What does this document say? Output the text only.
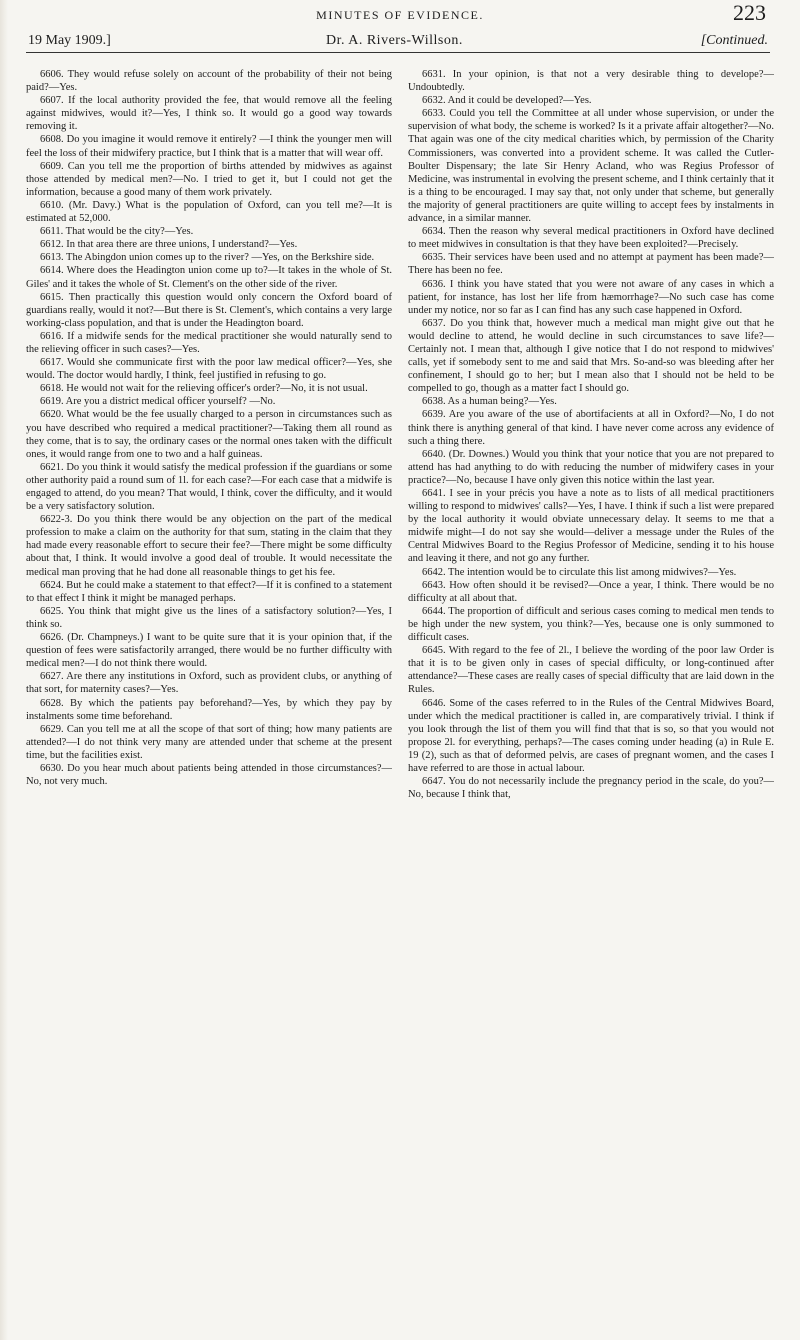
MINUTES OF EVIDENCE.	223
19 May 1909.]	Dr. A. Rivers-Willson.	[Continued.

6606. They would refuse solely on account of the probability of their not being paid?—Yes.

6607. If the local authority provided the fee, that would remove all the feeling against midwives, would it?—Yes, I think so. It would go a good way towards removing it.

6608. Do you imagine it would remove it entirely? —I think the younger men will feel the loss of their midwifery practice, but I think that is a matter that will wear off.

6609. Can you tell me the proportion of births attended by midwives as against those attended by medical men?—No. I tried to get it, but I could not get the information, because a good many of them work privately.

6610. (Mr. Davy.) What is the population of Oxford, can you tell me?—It is estimated at 52,000.

6611. That would be the city?—Yes.

6612. In that area there are three unions, I understand?—Yes.

6613. The Abingdon union comes up to the river? —Yes, on the Berkshire side.

6614. Where does the Headington union come up to?—It takes in the whole of St. Giles' and it takes the whole of St. Clement's on the other side of the river.

6615. Then practically this question would only concern the Oxford board of guardians really, would it not?—But there is St. Clement's, which contains a very large working-class population, and that is under the Headington board.

6616. If a midwife sends for the medical practitioner she would naturally send to the relieving officer in such cases?—Yes.

6617. Would she communicate first with the poor law medical officer?—Yes, she would. The doctor would hardly, I think, feel justified in refusing to go.

6618. He would not wait for the relieving officer's order?—No, it is not usual.

6619. Are you a district medical officer yourself? —No.

6620. What would be the fee usually charged to a person in circumstances such as you have described who required a medical practitioner?—Taking them all round as they come, that is to say, the ordinary cases or the normal ones taken with the difficult ones, it would range from one to two and a half guineas.

6621. Do you think it would satisfy the medical profession if the guardians or some other authority paid a round sum of 1l. for each case?—For each case that a midwife is engaged to attend, do you mean? That would, I think, cover the difficulty, and it would be a very satisfactory solution.

6622-3. Do you think there would be any objection on the part of the medical profession to make a claim on the authority for that sum, stating in the claim that they had made every reasonable effort to secure their fee?—There might be some difficulty about that, I think. It would involve a good deal of trouble. It would necessitate the medical man proving that he had done all reasonable things to get his fee.

6624. But he could make a statement to that effect?—If it is confined to a statement to that effect I think it might be managed perhaps.

6625. You think that might give us the lines of a satisfactory solution?—Yes, I think so.

6626. (Dr. Champneys.) I want to be quite sure that it is your opinion that, if the question of fees were satisfactorily arranged, there would be no further difficulty with medical men?—I do not think there would.

6627. Are there any institutions in Oxford, such as provident clubs, or anything of that sort, for maternity cases?—Yes.

6628. By which the patients pay beforehand?—Yes, by which they pay by instalments some time beforehand.

6629. Can you tell me at all the scope of that sort of thing; how many patients are attended?—I do not think very many are attended under that scheme at the present time, but the facilities exist.

6630. Do you hear much about patients being attended in those circumstances?—No, not very much.

6631. In your opinion, is that not a very desirable thing to develope?—Undoubtedly.

6632. And it could be developed?—Yes.

6633. Could you tell the Committee at all under whose supervision, or under the supervision of what body, the scheme is worked? Is it a private affair altogether?—No. That again was one of the city medical charities which, by permission of the Charity Commissioners, was converted into a provident scheme. It was called the Cutler-Boulter Dispensary; the late Sir Henry Acland, who was Regius Professor of Medicine, was instrumental in evolving the present scheme, and I think certainly that it is a thing to be encouraged. I may say that, not only under that scheme, but generally the majority of general practitioners are quite willing to accept fees by instalments in advance, in a similar manner.

6634. Then the reason why several medical practitioners in Oxford have declined to meet midwives in consultation is that they have been exploited?—Precisely.

6635. Their services have been used and no attempt at payment has been made?—There has been no fee.

6636. I think you have stated that you were not aware of any cases in which a patient, for instance, has lost her life from hæmorrhage?—No such case has come under my notice, nor so far as I can find has any such case happened in Oxford.

6637. Do you think that, however much a medical man might give out that he would decline to attend, he would decline in such circumstances to save life?—Certainly not. I mean that, although I give notice that I do not respond to midwives' calls, yet if somebody sent to me and said that Mrs. So-and-so was bleeding after her confinement, I should go to her; but I mean also that I should not be held to be compelled to go, though as a matter fact I should go.

6638. As a human being?—Yes.

6639. Are you aware of the use of abortifacients at all in Oxford?—No, I do not think there is anything general of that kind. I have never come across any evidence of such a thing there.

6640. (Dr. Downes.) Would you think that your notice that you are not prepared to attend has had anything to do with reducing the number of midwifery cases in your practice?—No, because I have only given this notice within the last year.

6641. I see in your précis you have a note as to lists of all medical practitioners willing to respond to midwives' calls?—Yes, I have. I think if such a list were prepared by the local authority it would obviate unnecessary delay. It seems to me that a midwife might—I do not say she would—deliver a message under the Rules of the Central Midwives Board to the Regius Professor of Medicine, sending it to his house and leaving it there, and not go any further.

6642. The intention would be to circulate this list among midwives?—Yes.

6643. How often should it be revised?—Once a year, I think. There would be no difficulty at all about that.

6644. The proportion of difficult and serious cases coming to medical men tends to be high under the new system, you think?—Yes, because one is only summoned to difficult cases.

6645. With regard to the fee of 2l., I believe the wording of the poor law Order is that it is to be given only in cases of special difficulty, or long-continued after attendance?—These cases are really cases of special difficulty that are laid down in the Rules.

6646. Some of the cases referred to in the Rules of the Central Midwives Board, under which the medical practitioner is called in, are comparatively trivial. I think if you look through the list of them you will find that that is so, so that you would not propose 2l. for everything, perhaps?—The cases coming under heading (a) in Rule E. 19 (2), such as that of deformed pelvis, are cases of pregnant women, and the cases I have referred to are those in actual labour.

6647. You do not necessarily include the pregnancy period in the scale, do you?—No, because I think that,
